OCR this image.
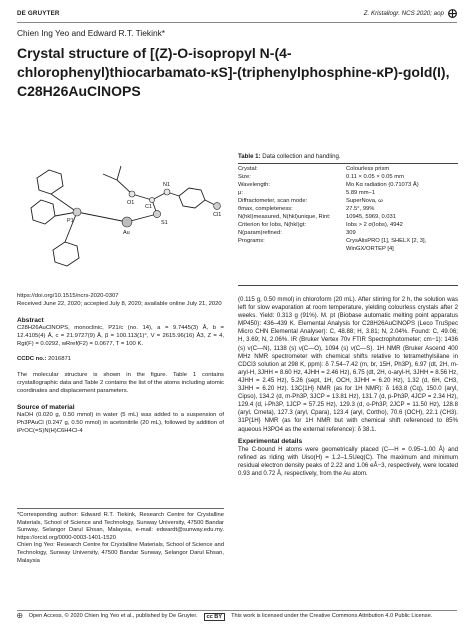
DE GRUYTER	Z. Kristallogr. NCS 2020; aop ⨁
Chien Ing Yeo and Edward R.T. Tiekink*
Crystal structure of [(Z)-O-isopropyl N-(4-chlorophenyl)thiocarbamato-κS]-(triphenylphosphine-κP)-gold(I), C28H26AuClNOPS
Cl1
S1
O1
N1
P1
Au
C1
https://doi.org/10.1515/ncrs-2020-0307
Received June 22, 2020; accepted July 8, 2020; available online July 21, 2020
Abstract

C28H26AuClNOPS, monoclinic, P21/c (no. 14), a = 9.7445(3) Å, b = 12.4105(4) Å, c = 21.9727(9) Å, β = 100.113(1)°, V = 2615.96(16) Å3, Z = 4, Rgt(F) = 0.0292, wRref(F2) = 0.0677, T = 100 K.

CCDC no.: 2016871

The molecular structure is shown in the figure. Table 1 contains crystallographic data and Table 2 contains the list of the atoms including atomic coordinates and displacement parameters.

Source of material

NaOH (0.020 g, 0.50 mmol) in water (5 mL) was added to a suspension of Ph3PAuCl (0.247 g, 0.50 mmol) in acetonitrile (20 mL), followed by addition of iPrOC(=S)N(H)C6H4Cl-4

*Corresponding author: Edward R.T. Tiekink, Research Centre for Crystalline Materials, School of Science and Technology, Sunway University, 47500 Bandar Sunway, Selangor Darul Ehsan, Malaysia, e-mail: edwardt@sunway.edu.my. https://orcid.org/0000-0003-1401-1520

Chien Ing Yeo: Research Centre for Crystalline Materials, School of Science and Technology, Sunway University, 47500 Bandar Sunway, Selangor Darul Ehsan, Malaysia

Table 1: Data collection and handling.
Crystal:	Colourless prism
Size:	0.11 × 0.05 × 0.05 mm
Wavelength:	Mo Kα radiation (0.71073 Å)
μ:	5.89 mm−1
Diffractometer, scan mode:	SuperNova, ω
θmax, completeness:	27.5°, 99%
N(hkl)measured, N(hkl)unique, Rint:	10945, 5969, 0.031
Criterion for Iobs, N(hkl)gt:	Iobs > 2 σ(Iobs), 4942
N(param)refined:	309
Programs:	CrysAlisPRO [1], SHELX [2, 3],
	WinGX/ORTEP [4]

(0.115 g, 0.50 mmol) in chloroform (20 mL). After stirring for 2 h, the solution was left for slow evaporation at room temperature, yielding colourless crystals after 2 weeks. Yield: 0.313 g (91%). M. pt (Biobase automatic melting point apparatus MP450): 436–439 K. Elemental Analysis for C28H26AuClNOPS (Leco TruSpec Micro CHN Elemental Analyser): C, 48.88; H, 3.81; N, 2.04%. Found: C, 49.06; H, 3.69; N, 2.06%. IR (Bruker Vertex 70v FTIR Spectrophotometer; cm−1): 1436 (s) ν(C—N), 1138 (s) ν(C—O), 1094 (s) ν(C—S). 1H NMR (Bruker Ascend 400 MHz NMR spectrometer with chemical shifts relative to tetramethylsilane in CDCl3 solution at 298 K, ppm): δ 7.54–7.42 (m, br, 15H, Ph3P), 6.97 (dt, 2H, m-aryl-H, 3JHH = 8.60 Hz, 4JHH = 2.46 Hz), 6.75 (dt, 2H, o-aryl-H, 3JHH = 8.56 Hz, 4JHH = 2.45 Hz), 5.26 (sept, 1H, OCH, 3JHH = 6.20 Hz), 1.32 (d, 6H, CH3, 3JHH = 6.20 Hz). 13C{1H} NMR (as for 1H NMR): δ 163.8 (Cq), 150.0 (aryl, Cipso), 134.2 (d, m-Ph3P, 3JCP = 13.81 Hz), 131.7 (d, p-Ph3P, 4JCP = 2.34 Hz), 129.4 (d, i-Ph3P, 1JCP = 57.25 Hz), 129.3 (d, o-Ph3P, 2JCP = 11.50 Hz), 128.8 (aryl, Cmeta), 127.3 (aryl, Cpara), 123.4 (aryl, Cortho), 70.6 (OCH), 22.1 (CH3). 31P{1H} NMR (as for 1H NMR but with chemical shift referenced to 85% aqueous H3PO4 as the external reference): δ 38.1.

Experimental details

The C-bound H atoms were geometrically placed (C—H = 0.95–1.00 Å) and refined as riding with Uiso(H) = 1.2–1.5Ueq(C). The maximum and minimum residual electron density peaks of 2.22 and 1.06 eÅ−3, respectively, were located 0.93 and 0.72 Å, respectively, from the Au atom.

⨁ Open Access. © 2020 Chien Ing Yeo et al., published by De Gruyter.	cc BY	This work is licensed under the Creative Commons Attribution 4.0 Public License.
